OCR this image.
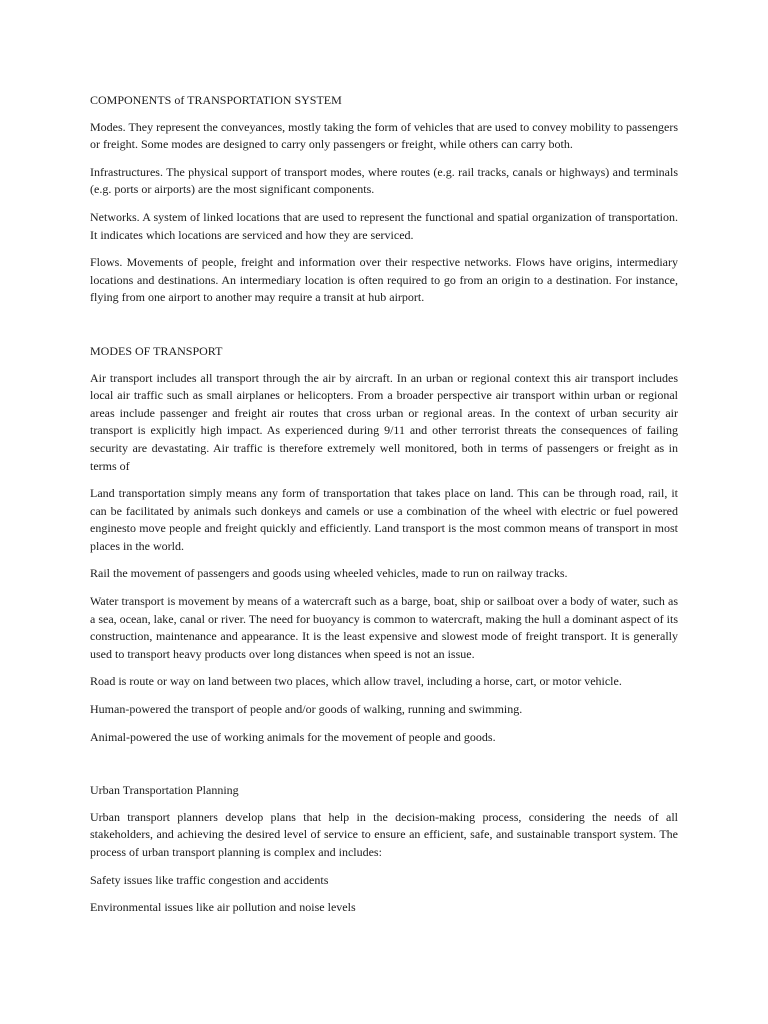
COMPONENTS of TRANSPORTATION SYSTEM

Modes. They represent the conveyances, mostly taking the form of vehicles that are used to convey mobility to passengers or freight. Some modes are designed to carry only passengers or freight, while others can carry both.

Infrastructures. The physical support of transport modes, where routes (e.g. rail tracks, canals or highways) and terminals (e.g. ports or airports) are the most significant components.

Networks. A system of linked locations that are used to represent the functional and spatial organization of transportation. It indicates which locations are serviced and how they are serviced.

Flows. Movements of people, freight and information over their respective networks. Flows have origins, intermediary locations and destinations. An intermediary location is often required to go from an origin to a destination. For instance, flying from one airport to another may require a transit at hub airport.

MODES OF TRANSPORT

Air transport includes all transport through the air by aircraft. In an urban or regional context this air transport includes local air traffic such as small airplanes or helicopters. From a broader perspective air transport within urban or regional areas include passenger and freight air routes that cross urban or regional areas. In the context of urban security air transport is explicitly high impact. As experienced during 9/11 and other terrorist threats the consequences of failing security are devastating. Air traffic is therefore extremely well monitored, both in terms of passengers or freight as in terms of

Land transportation simply means any form of transportation that takes place on land. This can be through road, rail, it can be facilitated by animals such donkeys and camels or use a combination of the wheel with electric or fuel powered enginesto move people and freight quickly and efficiently. Land transport is the most common means of transport in most places in the world.

Rail the movement of passengers and goods using wheeled vehicles, made to run on railway tracks.

Water transport is movement by means of a watercraft such as a barge, boat, ship or sailboat over a body of water, such as a sea, ocean, lake, canal or river. The need for buoyancy is common to watercraft, making the hull a dominant aspect of its construction, maintenance and appearance. It is the least expensive and slowest mode of freight transport. It is generally used to transport heavy products over long distances when speed is not an issue.

Road is route or way on land between two places, which allow travel, including a horse, cart, or motor vehicle.

Human-powered the transport of people and/or goods of walking, running and swimming.

Animal-powered the use of working animals for the movement of people and goods.

Urban Transportation Planning

Urban transport planners develop plans that help in the decision-making process, considering the needs of all stakeholders, and achieving the desired level of service to ensure an efficient, safe, and sustainable transport system. The process of urban transport planning is complex and includes:

Safety issues like traffic congestion and accidents

Environmental issues like air pollution and noise levels
